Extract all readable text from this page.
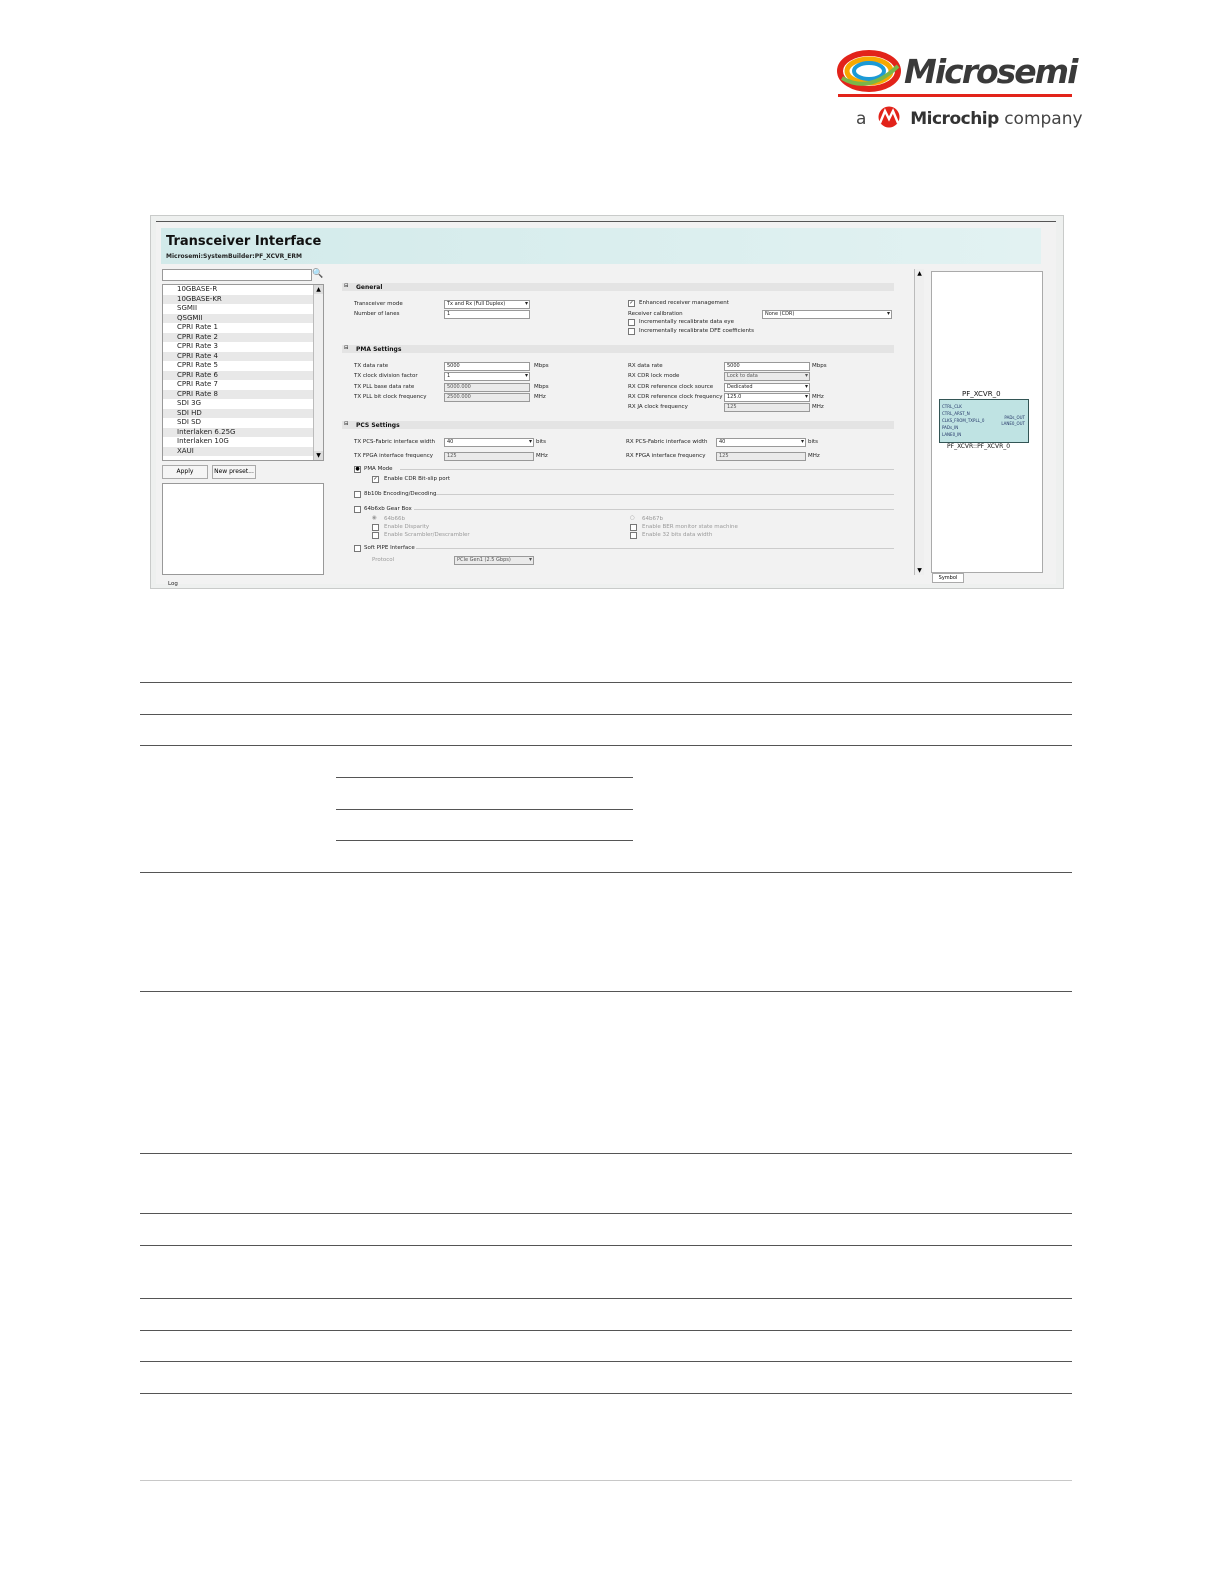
Microsemi
a	Microchip company
Transceiver Interface
Microsemi:SystemBuilder:PF_XCVR_ERM
🔍
10GBASE-R
10GBASE-KR
SGMII
QSGMII
CPRI Rate 1
CPRI Rate 2
CPRI Rate 3
CPRI Rate 4
CPRI Rate 5
CPRI Rate 6
CPRI Rate 7
CPRI Rate 8
SDI 3G
SDI HD
SDI SD
Interlaken 6.25G
Interlaken 10G
XAUI
▲
▼
Apply	New preset...
Log
⊟ General
Transceiver mode	Tx and Rx (Full Duplex) ▾
Number of lanes	1
✓ Enhanced receiver management
Receiver calibration	None (CDR) ▾
Incrementally recalibrate data eye
Incrementally recalibrate DFE coefficients
⊟ PMA Settings
TX data rate	5000	Mbps
TX clock division factor	1 ▾
TX PLL base data rate	5000.000	Mbps
TX PLL bit clock frequency	2500.000	MHz
RX data rate	5000	Mbps
RX CDR lock mode	Lock to data ▾
RX CDR reference clock source	Dedicated ▾
RX CDR reference clock frequency 125.0 ▾	MHz
RX JA clock frequency	125	MHz
⊟ PCS Settings
TX PCS-Fabric interface width	40 ▾	bits
TX FPGA interface frequency	125	MHz
RX PCS-Fabric interface width	40 ▾	bits
RX FPGA interface frequency	125	MHz
● PMA Mode
✓ Enable CDR Bit-slip port
8b10b Encoding/Decoding
64b6xb Gear Box
◉ 64b66b
Enable Disparity
Enable Scrambler/Descrambler
○ 64b67b
Enable BER monitor state machine
Enable 32 bits data width
Soft PIPE Interface
Protocol	PCIe Gen1 (2.5 Gbps) ▾
▲
▼
PF_XCVR_0
CTRL_CLK
CTRL_ARST_N
CLKS_FROM_TXPLL_0
PADs_IN
LANE0_IN
PADs_OUT
LANE0_OUT
PF_XCVR::PF_XCVR_0
Symbol
